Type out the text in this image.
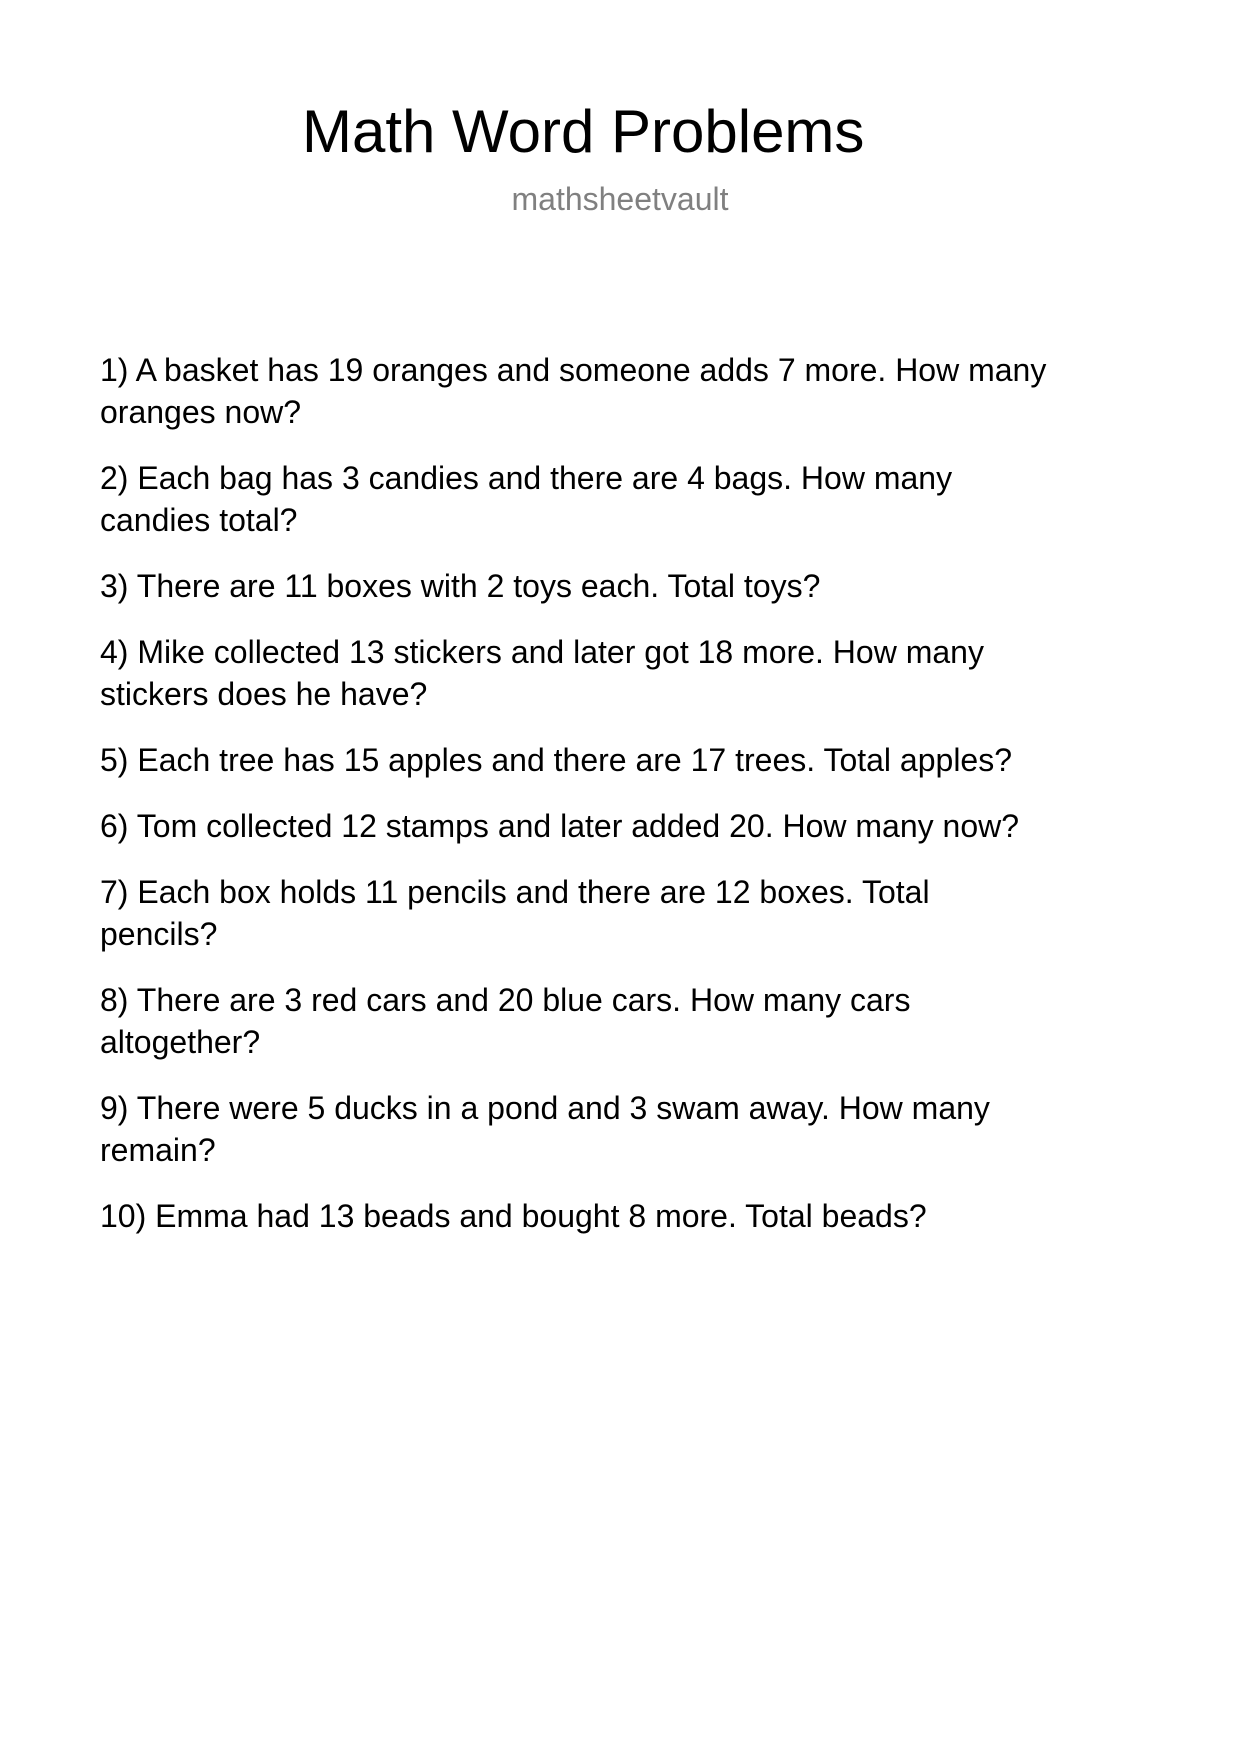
Math Word Problems
mathsheetvault
1) A basket has 19 oranges and someone adds 7 more. How many
oranges now?
2) Each bag has 3 candies and there are 4 bags. How many
candies total?
3) There are 11 boxes with 2 toys each. Total toys?
4) Mike collected 13 stickers and later got 18 more. How many
stickers does he have?
5) Each tree has 15 apples and there are 17 trees. Total apples?
6) Tom collected 12 stamps and later added 20. How many now?
7) Each box holds 11 pencils and there are 12 boxes. Total
pencils?
8) There are 3 red cars and 20 blue cars. How many cars
altogether?
9) There were 5 ducks in a pond and 3 swam away. How many
remain?
10) Emma had 13 beads and bought 8 more. Total beads?
